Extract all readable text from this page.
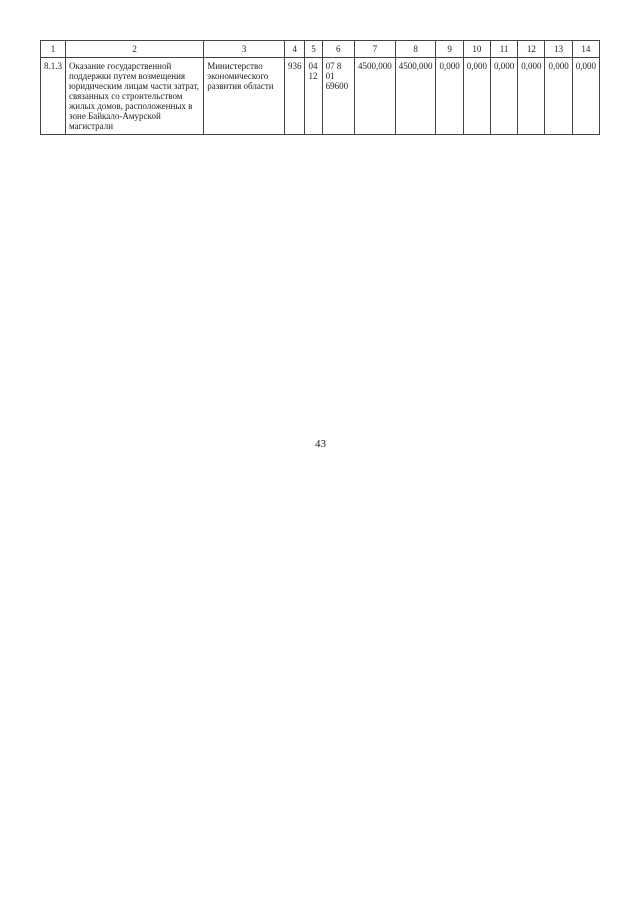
43
1	2	3	4	5	6	7	8	9	10	11	12	13	14
8.1.3	Оказание государственной поддержки путем возмещения юридическим лицам части затрат, связанных со строительством жилых домов, расположенных в зоне Байкало-Амурской магистрали	Министерство экономического развития области	936	04 12	07 8 01 69600	4500,000	4500,000	0,000	0,000	0,000	0,000	0,000	0,000
